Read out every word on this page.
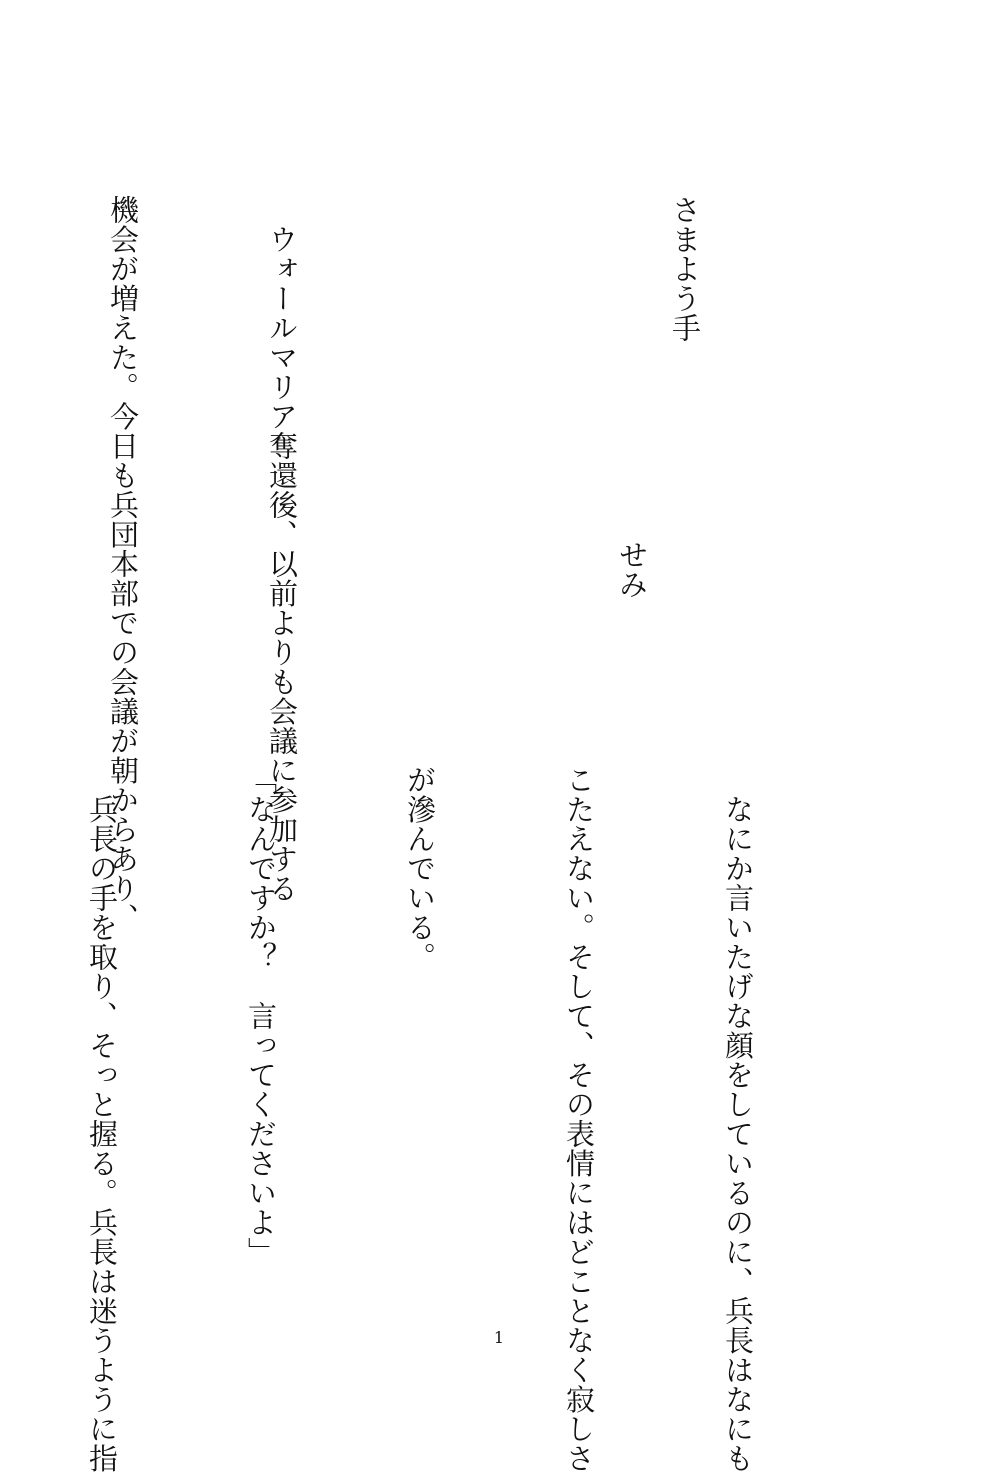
さまよう手

せみ

　ウォールマリア奪還後、以前よりも会議に参加する

機会が増えた。今日も兵団本部での会議が朝からあり、

　なにか言いたげな顔をしているのに、兵長はなにも

こたえない。そして、その表情にはどことなく寂しさ

が滲んでいる。

「なんですか？　言ってくださいよ」

　兵長の手を取り、そっと握る。兵長は迷うように指

	1
